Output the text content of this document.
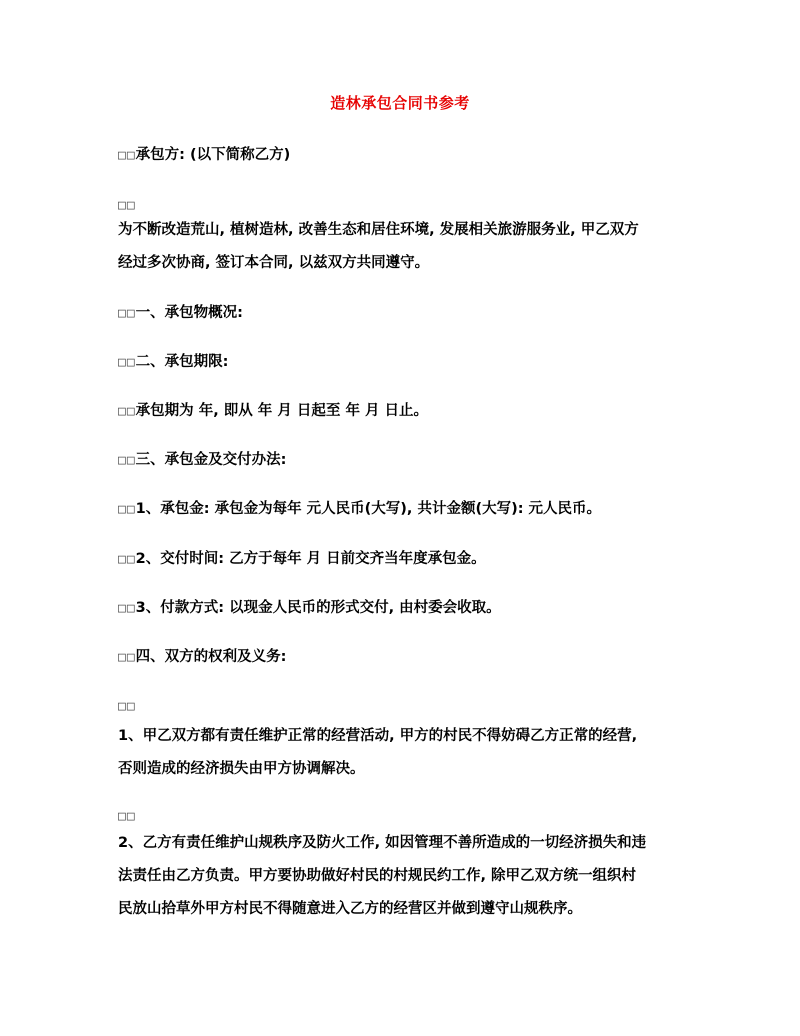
造林承包合同书参考
□□承包方: (以下简称乙方)
□□
为不断改造荒山, 植树造林, 改善生态和居住环境, 发展相关旅游服务业, 甲乙双方
经过多次协商, 签订本合同, 以兹双方共同遵守。
□□一、承包物概况:
□□二、承包期限:
□□承包期为 年, 即从 年 月 日起至 年 月 日止。
□□三、承包金及交付办法:
□□1、承包金: 承包金为每年 元人民币(大写), 共计金额(大写): 元人民币。
□□2、交付时间: 乙方于每年 月 日前交齐当年度承包金。
□□3、付款方式: 以现金人民币的形式交付, 由村委会收取。
□□四、双方的权利及义务:
□□
1、甲乙双方都有责任维护正常的经营活动, 甲方的村民不得妨碍乙方正常的经营,
否则造成的经济损失由甲方协调解决。
□□
2、乙方有责任维护山规秩序及防火工作, 如因管理不善所造成的一切经济损失和违
法责任由乙方负责。甲方要协助做好村民的村规民约工作, 除甲乙双方统一组织村
民放山拾草外甲方村民不得随意进入乙方的经营区并做到遵守山规秩序。
